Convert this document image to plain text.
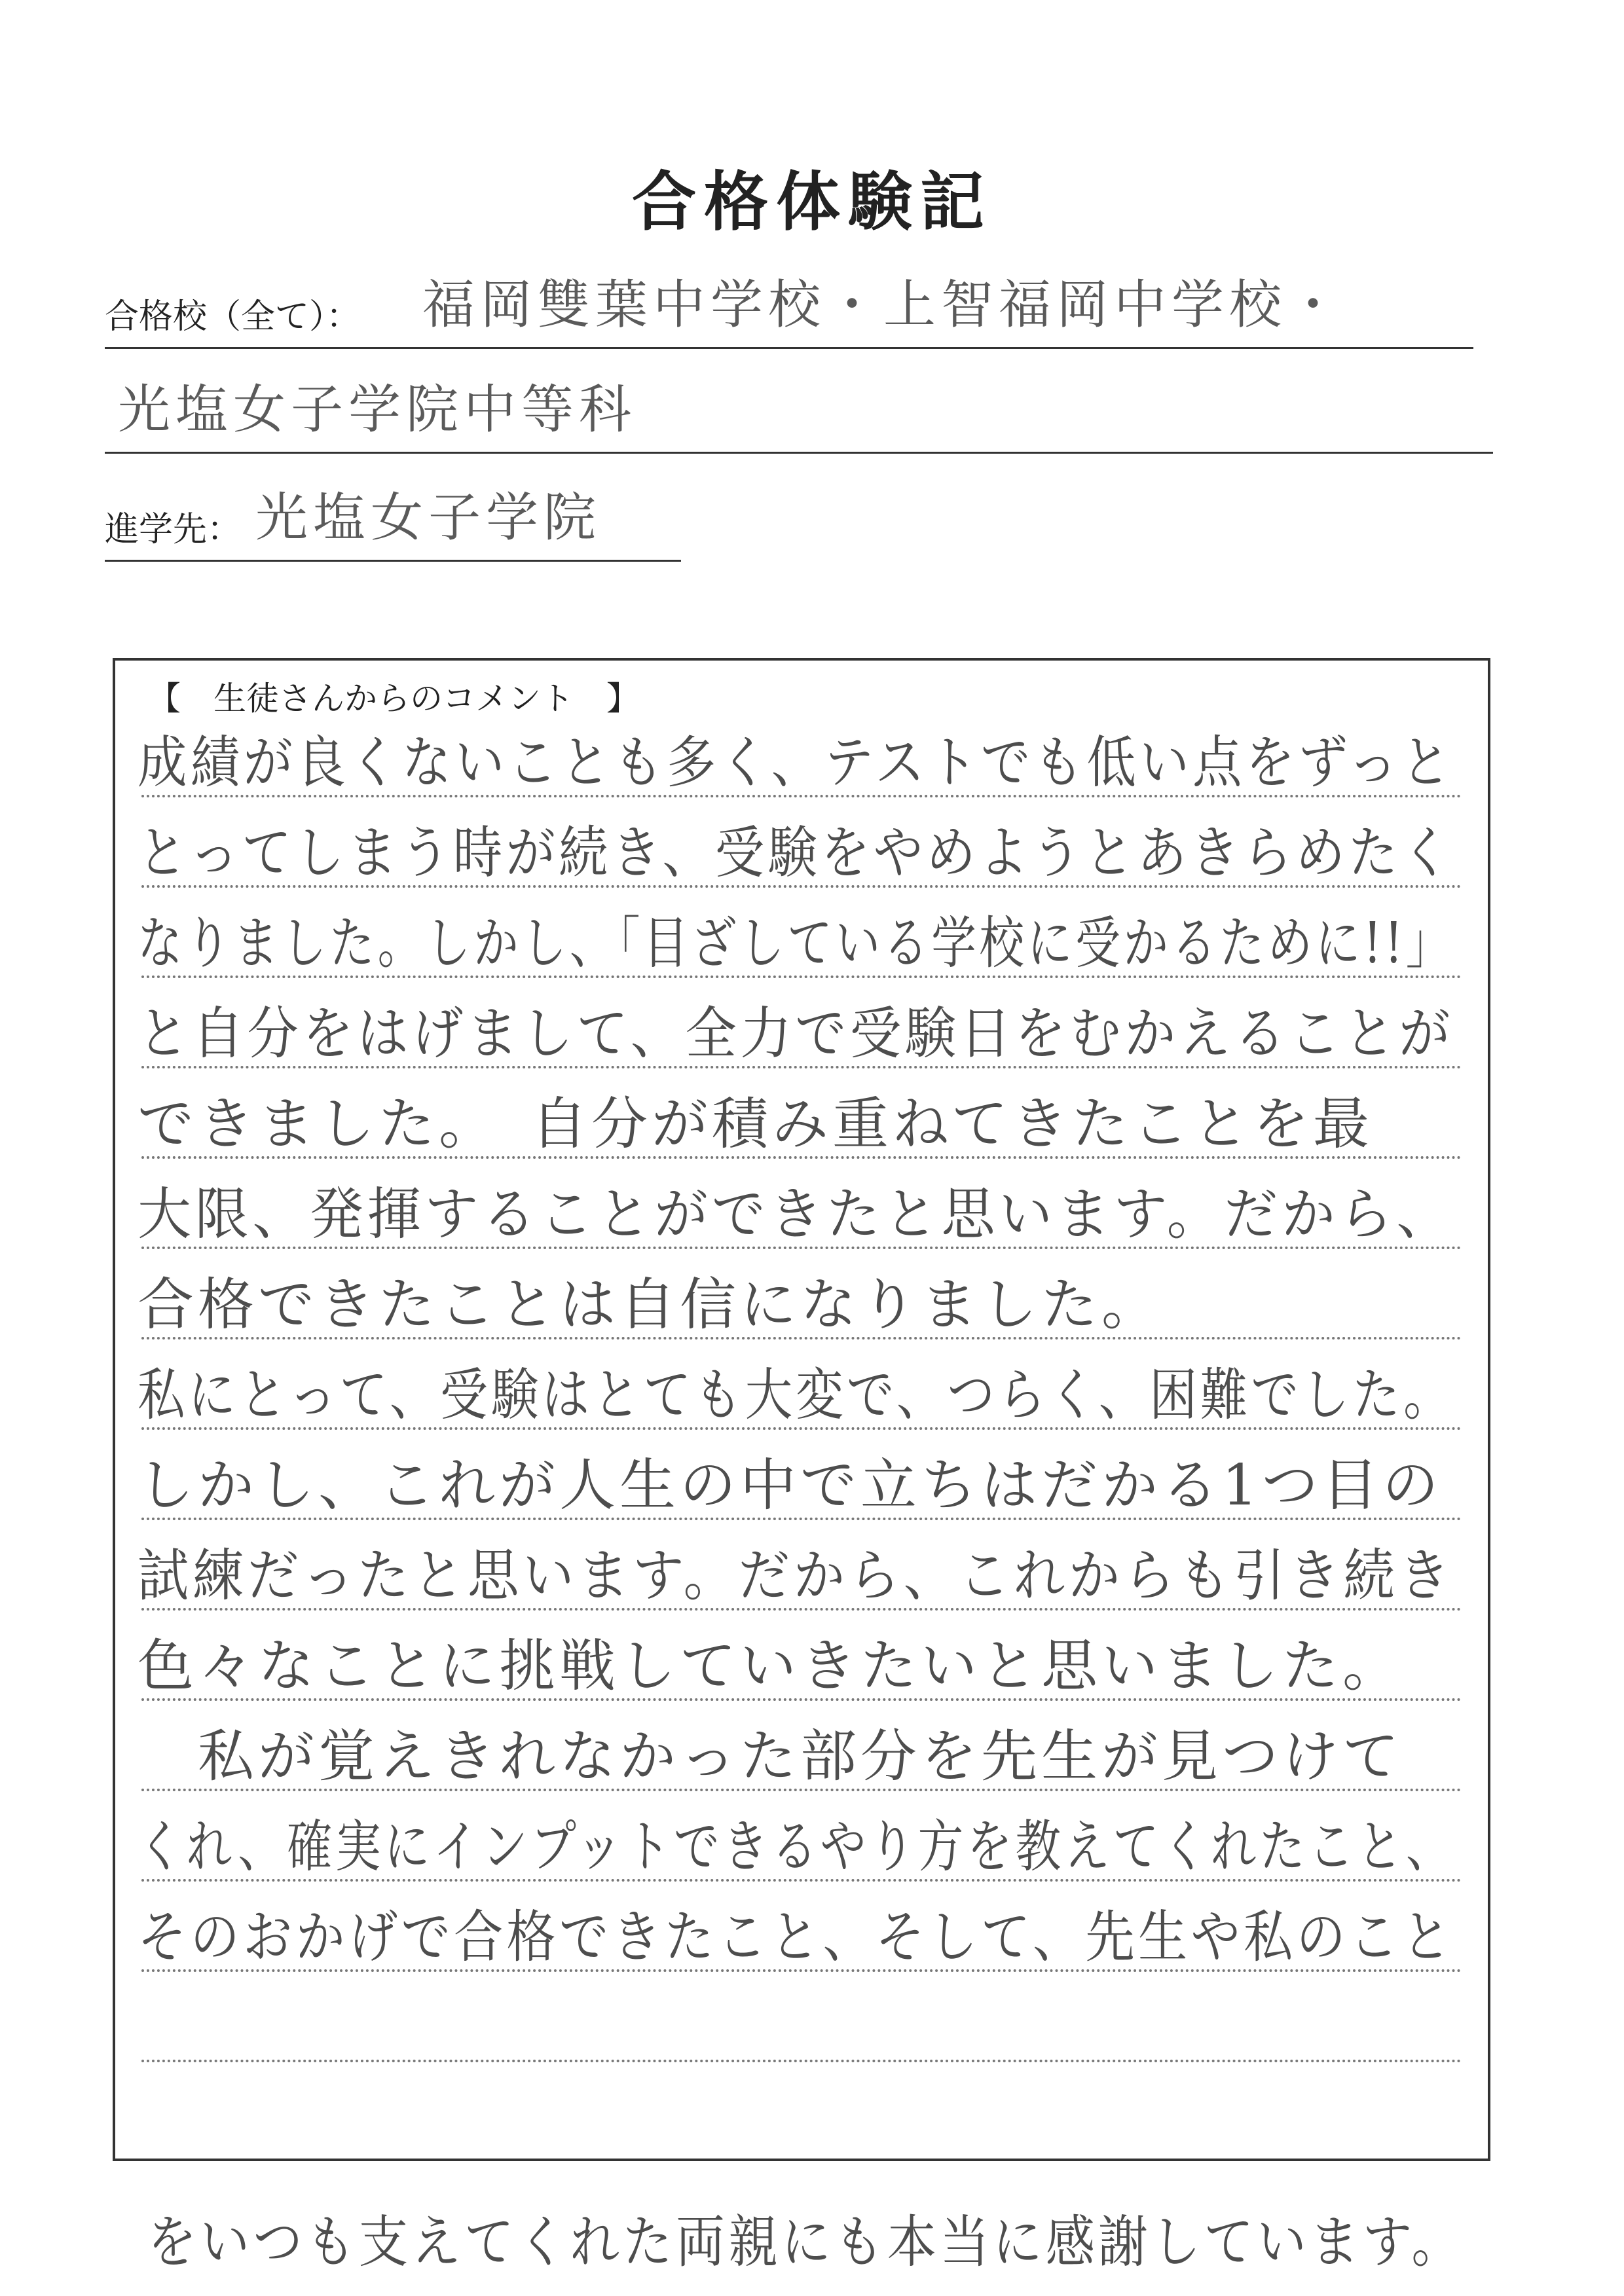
合格体験記
合格校（全て）： 福岡雙葉中学校・上智福岡中学校・
光塩女子学院中等科
進学先： 光塩女子学院
【　生徒さんからのコメント　】
成績が良くないことも多く、テストでも低い点をずっと
とってしまう時が続き、受験をやめようとあきらめたく
なりました。しかし、「目ざしている学校に受かるために!!」
と自分をはげまして、全力で受験日をむかえることが
できました。　自分が積み重ねてきたことを最
大限、発揮することができたと思います。だから、
合格できたことは自信になりました。
私にとって、受験はとても大変で、つらく、困難でした。
しかし、これが人生の中で立ちはだかる1つ目の
試練だったと思います。だから、これからも引き続き
色々なことに挑戦していきたいと思いました。
　私が覚えきれなかった部分を先生が見つけて
くれ、確実にインプットできるやり方を教えてくれたこと、
そのおかげで合格できたこと、そして、先生や私のこと
をいつも支えてくれた両親にも本当に感謝しています。
